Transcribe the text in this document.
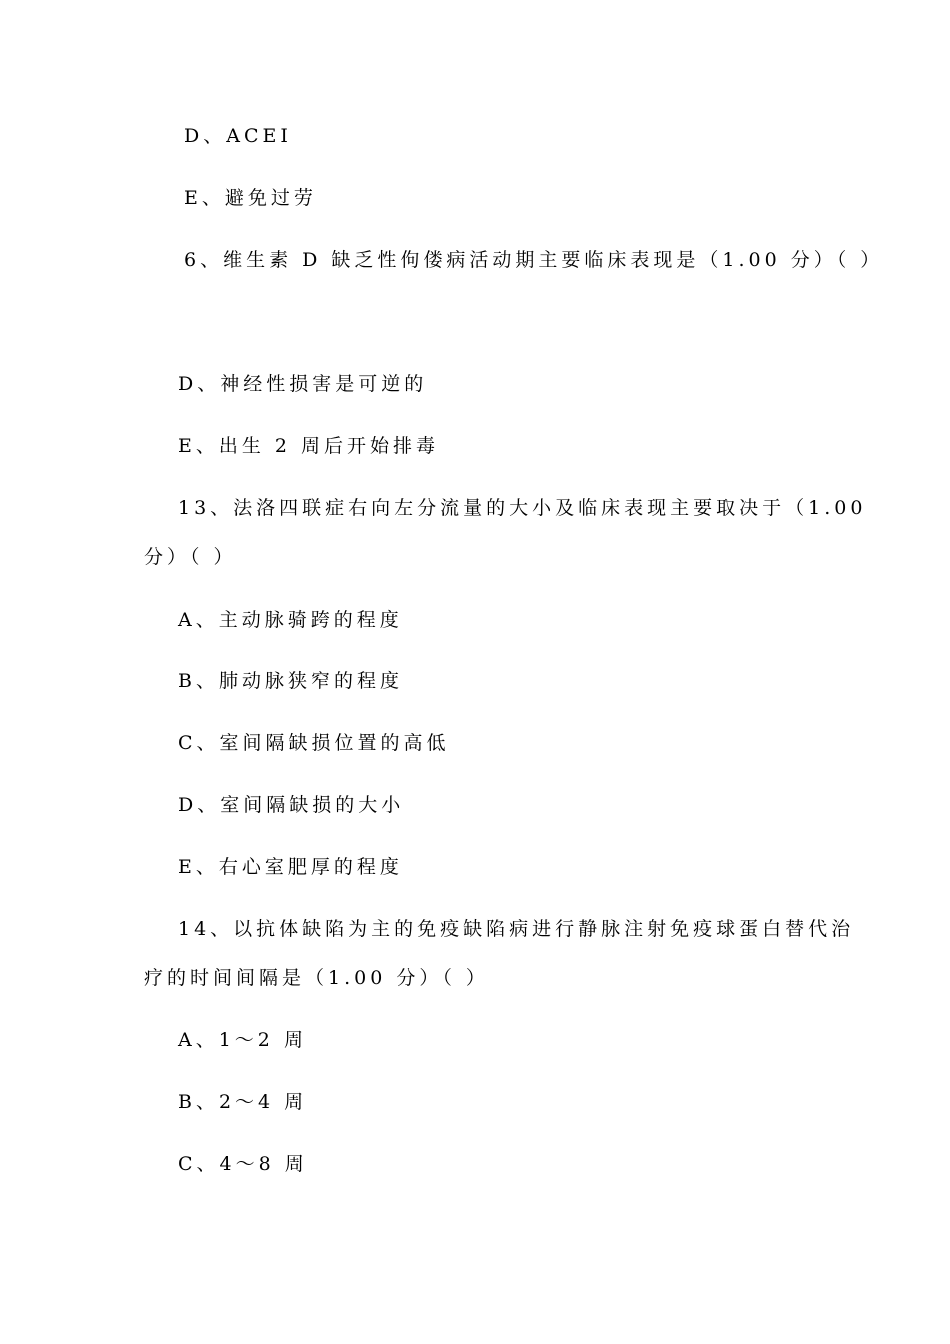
D、ACEI
E、避免过劳
6、维生素 D 缺乏性佝偻病活动期主要临床表现是（1.00 分）（ ）
D、神经性损害是可逆的
E、出生 2 周后开始排毒
13、法洛四联症右向左分流量的大小及临床表现主要取决于（1.00
分）（ ）
A、主动脉骑跨的程度
B、肺动脉狭窄的程度
C、室间隔缺损位置的高低
D、室间隔缺损的大小
E、右心室肥厚的程度
14、以抗体缺陷为主的免疫缺陷病进行静脉注射免疫球蛋白替代治
疗的时间间隔是（1.00 分）（ ）
A、1～2 周
B、2～4 周
C、4～8 周
